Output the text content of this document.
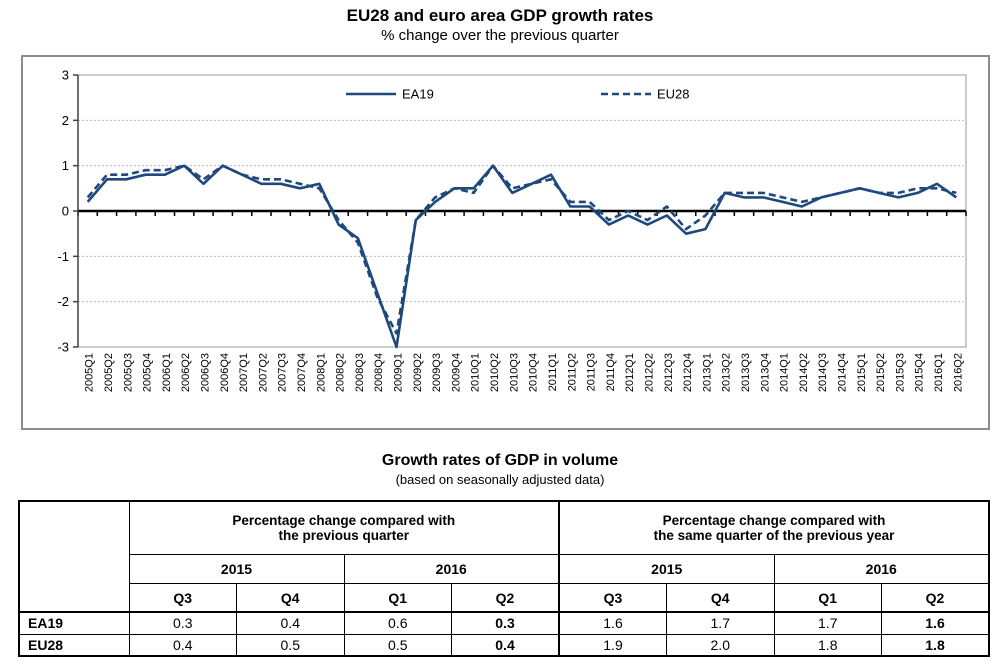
EU28 and euro area GDP growth rates
% change over the previous quarter
3
2
1
0
-1
-2
-3
2005Q1 2005Q2 2005Q3 2005Q4 2006Q1 2006Q2 2006Q3 2006Q4 2007Q1 2007Q2 2007Q3 2007Q4 2008Q1 2008Q2 2008Q3 2008Q4 2009Q1 2009Q2 2009Q3 2009Q4 2010Q1 2010Q2 2010Q3 2010Q4 2011Q1 2011Q2 2011Q3 2011Q4 2012Q1 2012Q2 2012Q3 2012Q4 2013Q1 2013Q2 2013Q3 2013Q4 2014Q1 2014Q2 2014Q3 2014Q4 2015Q1 2015Q2 2015Q3 2015Q4 2016Q1 2016Q2
EA19	EU28
Growth rates of GDP in volume
(based on seasonally adjusted data)

Percentage change compared with
the previous quarter

Percentage change compared with
the same quarter of the previous year

	2015		2016		2015		2016	
	Q3	Q4	Q1	Q2	Q3	Q4	Q1	Q2
EA19	0.3	0.4	0.6	0.3	1.6	1.7	1.7	1.6
EU28	0.4	0.5	0.5	0.4	1.9	2.0	1.8	1.8
